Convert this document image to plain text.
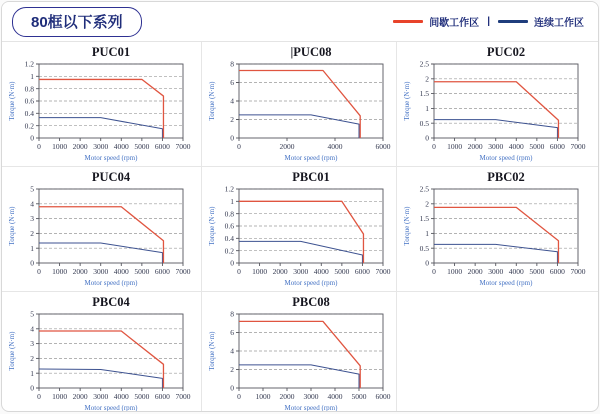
80框以下系列	间歇工作区 |	连续工作区
PUC01
0
0.2
0.4
0.6
0.8
1
1.2
0 1000 2000 3000 4000 5000 6000 7000
Motor speed (rpm)
Torque (N·m)
|PUC08
0
2
4
6
8
0	2000	4000	6000
Motor speed (rpm)
Torque (N·m)
PUC02
0
0.5
1
1.5
2
2.5
0 1000 2000 3000 4000 5000 6000 7000
Motor speed (rpm)
Torque (N·m)
PUC04
0
1
2
3
4
5
0 1000 2000 3000 4000 5000 6000 7000
Motor speed (rpm)
Torque (N·m)
PBC01
0
0.2
0.4
0.6
0.8
1
1.2
0 1000 2000 3000 4000 5000 6000 7000
Motor speed (rpm)
Torque (N·m)
PBC02
0
0.5
1
1.5
2
2.5
0 1000 2000 3000 4000 5000 6000 7000
Motor speed (rpm)
Torque (N·m)
PBC04
0
1
2
3
4
5
0 1000 2000 3000 4000 5000 6000 7000
Motor speed (rpm)
Torque (N·m)
PBC08
0
2
4
6
8
0 1000 2000 3000 4000 5000 6000
Motor speed (rpm)
Torque (N·m)
